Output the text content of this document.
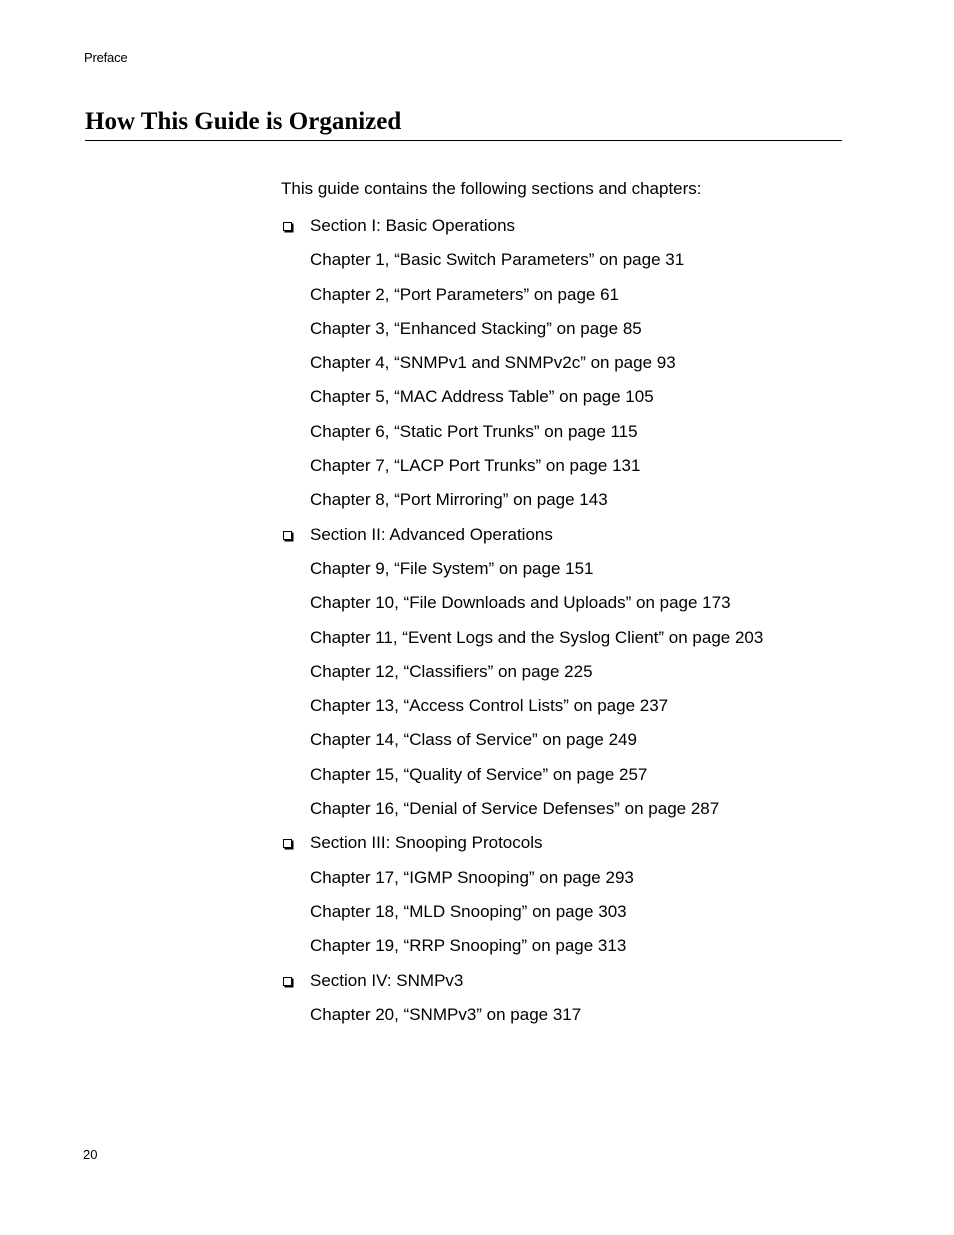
Preface
How This Guide is Organized
This guide contains the following sections and chapters:
Section I: Basic Operations
Chapter 1, “Basic Switch Parameters” on page 31
Chapter 2, “Port Parameters” on page 61
Chapter 3, “Enhanced Stacking” on page 85
Chapter 4, “SNMPv1 and SNMPv2c” on page 93
Chapter 5, “MAC Address Table” on page 105
Chapter 6, “Static Port Trunks” on page 115
Chapter 7, “LACP Port Trunks” on page 131
Chapter 8, “Port Mirroring” on page 143
Section II: Advanced Operations
Chapter 9, “File System” on page 151
Chapter 10, “File Downloads and Uploads” on page 173
Chapter 11, “Event Logs and the Syslog Client” on page 203
Chapter 12, “Classifiers” on page 225
Chapter 13, “Access Control Lists” on page 237
Chapter 14, “Class of Service” on page 249
Chapter 15, “Quality of Service” on page 257
Chapter 16, “Denial of Service Defenses” on page 287
Section III: Snooping Protocols
Chapter 17, “IGMP Snooping” on page 293
Chapter 18, “MLD Snooping” on page 303
Chapter 19, “RRP Snooping” on page 313
Section IV: SNMPv3
Chapter 20, “SNMPv3” on page 317
20
